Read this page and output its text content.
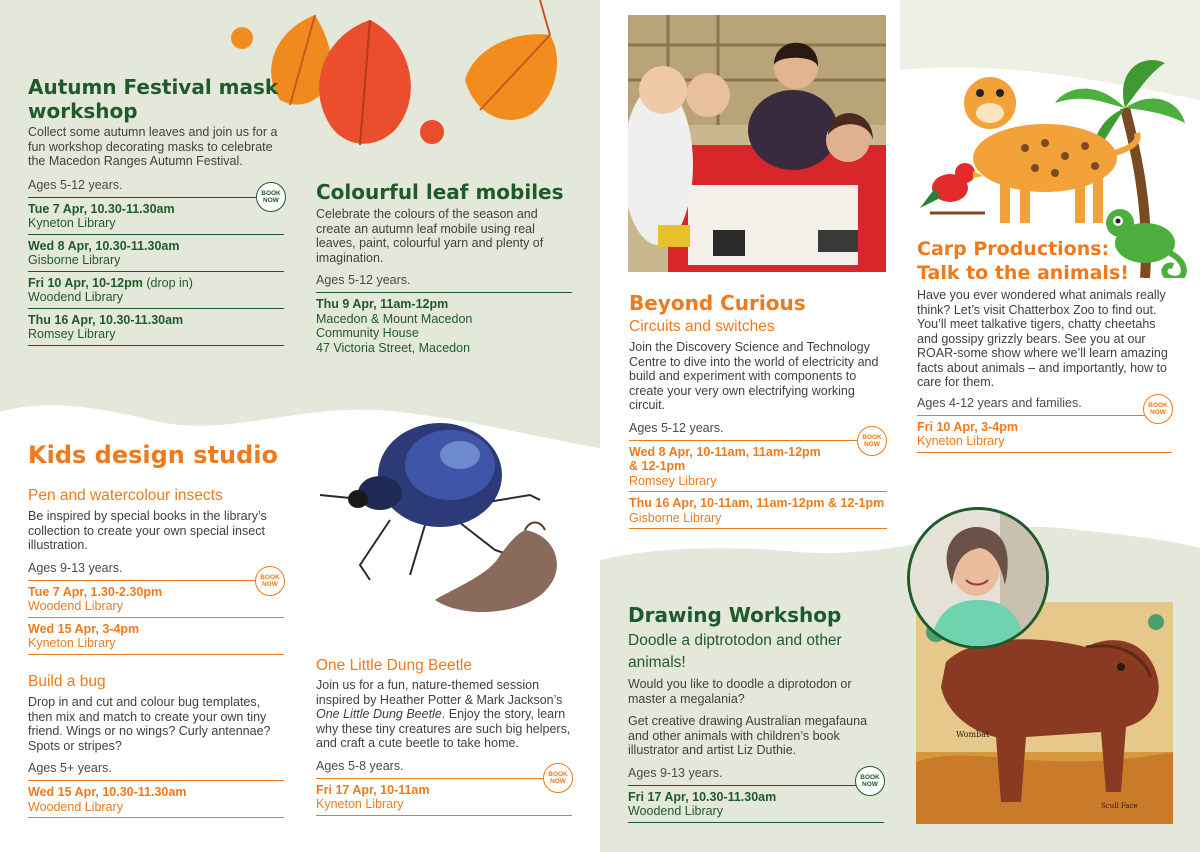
Autumn Festival mask workshop
Collect some autumn leaves and join us for a fun workshop decorating masks to celebrate the Macedon Ranges Autumn Festival.
Ages 5-12 years.
Tue 7 Apr, 10.30-11.30am
Kyneton Library
Wed 8 Apr, 10.30-11.30am
Gisborne Library
Fri 10 Apr, 10-12pm (drop in)
Woodend Library
Thu 16 Apr, 10.30-11.30am
Romsey Library
BOOK NOW Colourful leaf mobiles
Celebrate the colours of the season and create an autumn leaf mobile using real leaves, paint, colourful yarn and plenty of imagination.
Ages 5-12 years.
Thu 9 Apr, 11am-12pm
Macedon & Mount Macedon
Community House
47 Victoria Street, Macedon
Kids design studio
Pen and watercolour insects
Be inspired by special books in the library’s collection to create your own special insect illustration.
Ages 9-13 years.
Tue 7 Apr, 1.30-2.30pm
Woodend Library
Wed 15 Apr, 3-4pm
Kyneton Library
BOOK NOW
Build a bug
Drop in and cut and colour bug templates, then mix and match to create your own tiny friend. Wings or no wings? Curly antennae? Spots or stripes?
Ages 5+ years.
Wed 15 Apr, 10.30-11.30am
Woodend Library
One Little Dung Beetle
Join us for a fun, nature-themed session inspired by Heather Potter & Mark Jackson’s One Little Dung Beetle. Enjoy the story, learn why these tiny creatures are such big helpers, and craft a cute beetle to take home.
Ages 5-8 years.
Fri 17 Apr, 10-11am
Kyneton Library
BOOK NOW
Beyond Curious
Circuits and switches
Join the Discovery Science and Technology Centre to dive into the world of electricity and build and experiment with components to create your very own electrifying working circuit.
Ages 5-12 years.
Wed 8 Apr, 10-11am, 11am-12pm & 12-1pm
Romsey Library
Thu 16 Apr, 10-11am, 11am-12pm & 12-1pm
Gisborne Library
BOOK NOW
Carp Productions:
Talk to the animals!
Have you ever wondered what animals really think? Let’s visit Chatterbox Zoo to find out. You’ll meet talkative tigers, chatty cheetahs and gossipy grizzly bears. See you at our ROAR-some show where we’ll learn amazing facts about animals – and importantly, how to care for them.
Ages 4-12 years and families.
Fri 10 Apr, 3-4pm
Kyneton Library
BOOK NOW
Wombat
Scull Face
Drawing Workshop
Doodle a diptrotodon and other animals!
Would you like to doodle a diprotodon or master a megalania?
Get creative drawing Australian megafauna and other animals with children’s book illustrator and artist Liz Duthie.
Ages 9-13 years.
Fri 17 Apr, 10.30-11.30am
Woodend Library
BOOK NOW
